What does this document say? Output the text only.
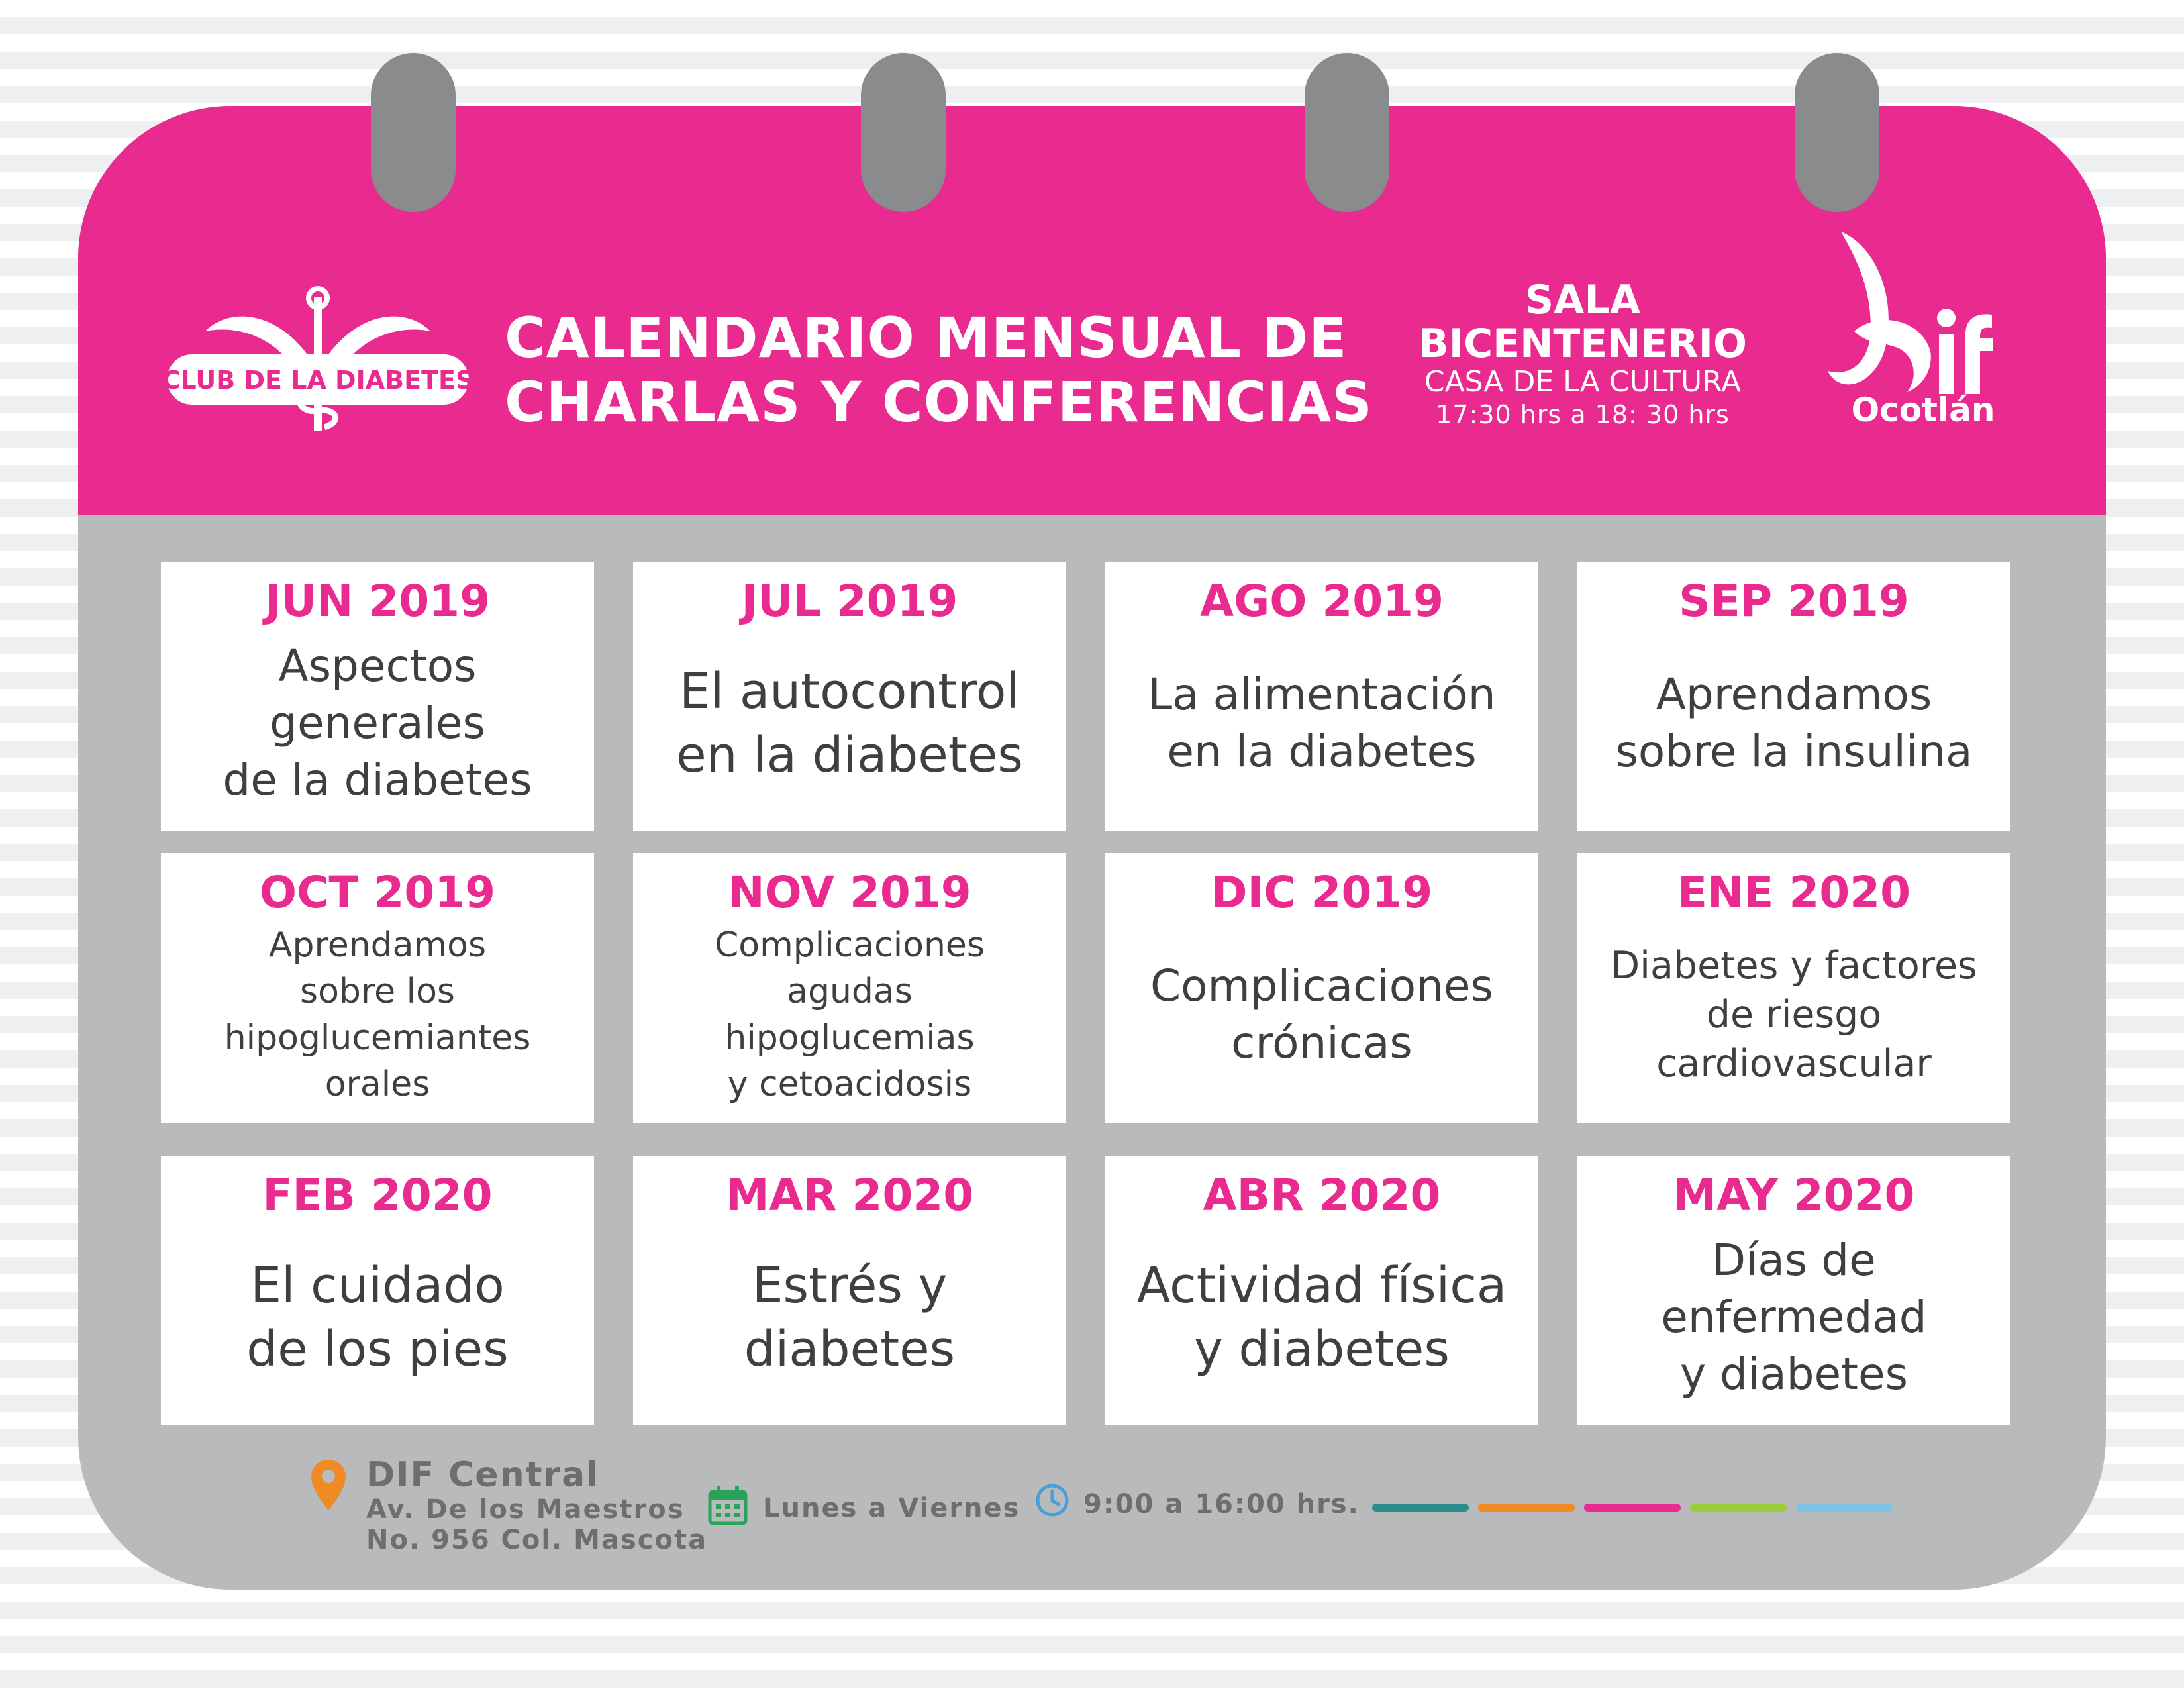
CLUB DE LA DIABETES
CALENDARIO MENSUAL DE
CHARLAS Y CONFERENCIAS
SALA
BICENTENERIO
CASA DE LA CULTURA
17:30 hrs a 18: 30 hrs
DIF Ocotlán
Ocotlán
JUN 2019
Aspectos
generales
de la diabetes
JUL 2019
El autocontrol
en la diabetes
AGO 2019
La alimentación
en la diabetes
SEP 2019
Aprendamos
sobre la insulina
OCT 2019
Aprendamos
sobre los
hipoglucemiantes
orales
NOV 2019
Complicaciones
agudas
hipoglucemias
y cetoacidosis
DIC 2019
Complicaciones
crónicas
ENE 2020
Diabetes y factores
de riesgo
cardiovascular
FEB 2020
El cuidado
de los pies
MAR 2020
Estrés y
diabetes
ABR 2020
Actividad física
y diabetes
MAY 2020
Días de
enfermedad
y diabetes
DIF Central
Av. De los Maestros
No. 956 Col. Mascota
Lunes a Viernes 9:00 a 16:00 hrs.
